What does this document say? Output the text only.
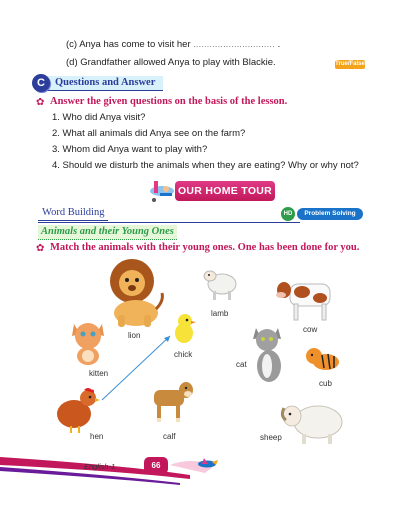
(c) Anya has come to visit her .............................. .
(d) Grandfather allowed Anya to play with Blackie.	True/False
Questions and Answer
C
✿ Answer the given questions on the basis of the lesson.
1. Who did Anya visit?
2. What all animals did Anya see on the farm?
3. Whom did Anya want to play with?
4. Should we disturb the animals when they are eating? Why or why not?
OUR HOME TOUR
Word Building	HD	Problem Solving
Animals and their Young Ones
✿ Match the animals with their young ones. One has been done for you.
lion
chick
kitten
lamb
cow
cat
cub
hen	calf	sheep
English-1	66
